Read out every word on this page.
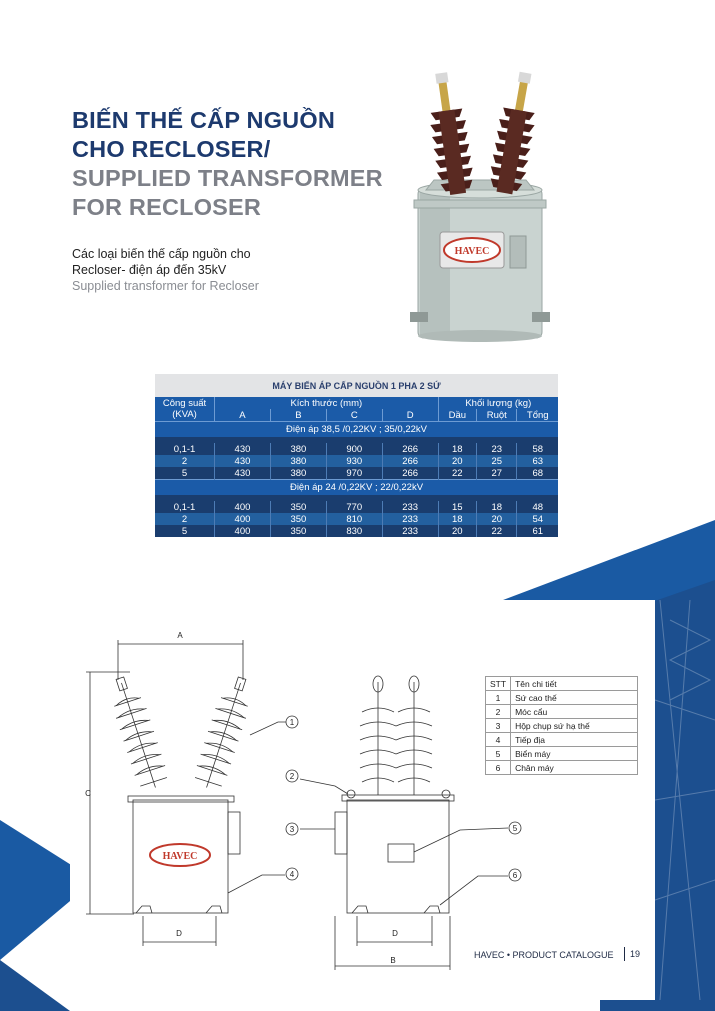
BIẾN THẾ CẤP NGUỒN
CHO RECLOSER/
SUPPLIED TRANSFORMER
FOR RECLOSER
Các loại biến thế cấp nguồn cho
Recloser- điện áp đến 35kV
Supplied transformer for Recloser
HAVEC
MÁY BIẾN ÁP CẤP NGUỒN 1 PHA 2 SỨ							
Công suất
(KVA)	Kích thước (mm)				Khối lượng (kg)		
	A	B	C	D	Dầu	Ruột	Tổng
Điện áp 38,5 /0,22KV ; 35/0,22kV							

0,1-1	430	380	900	266	18	23	58
2	430	380	930	266	20	25	63
5	430	380	970	266	22	27	68
Điện áp 24 /0,22KV ; 22/0,22kV							

0,1-1	400	350	770	233	15	18	48
2	400	350	810	233	18	20	54
5	400	350	830	233	20	22	61
1
2
3
4
5
6
A
C
D	D
B
HAVEC
STT	Tên chi tiết
1	Sứ cao thế
2	Móc cẩu
3	Hộp chụp sứ hạ thế
4	Tiếp địa
5	Biển máy
6	Chân máy
HAVEC • PRODUCT CATALOGUE 19
